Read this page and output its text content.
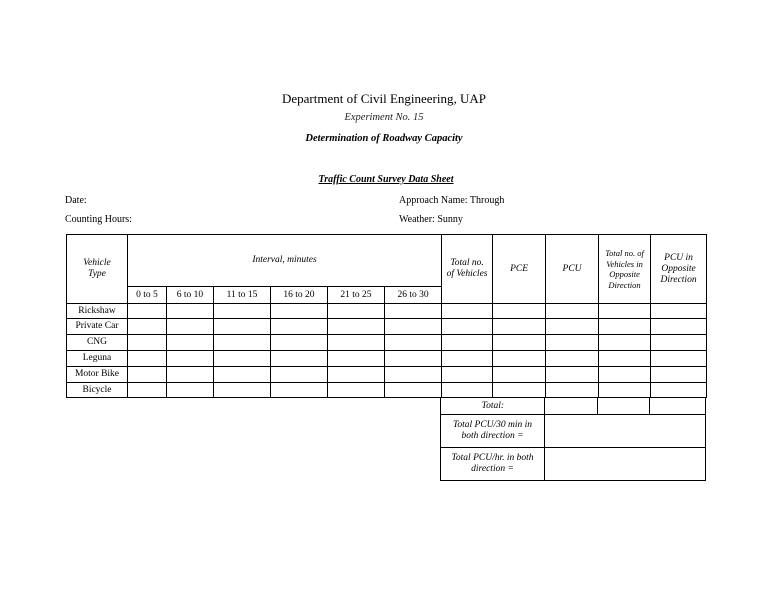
Department of Civil Engineering, UAP
Experiment No. 15
Determination of Roadway Capacity
Traffic Count Survey Data Sheet
Date:
Counting Hours:
Approach Name: Through
Weather: Sunny
Vehicle Type	Interval, minutes						Total no. of Vehicles	PCE	PCU	Total no. of Vehicles in Opposite Direction	PCU in Opposite Direction

	0 to 5	6 to 10	11 to 15	16 to 20	21 to 25	26 to 30					
Rickshaw											
Private Car											
CNG											
Leguna											
Motor Bike											
Bicycle											
Total:			
Total PCU/30 min in both direction =			
Total PCU/hr. in both direction =			
